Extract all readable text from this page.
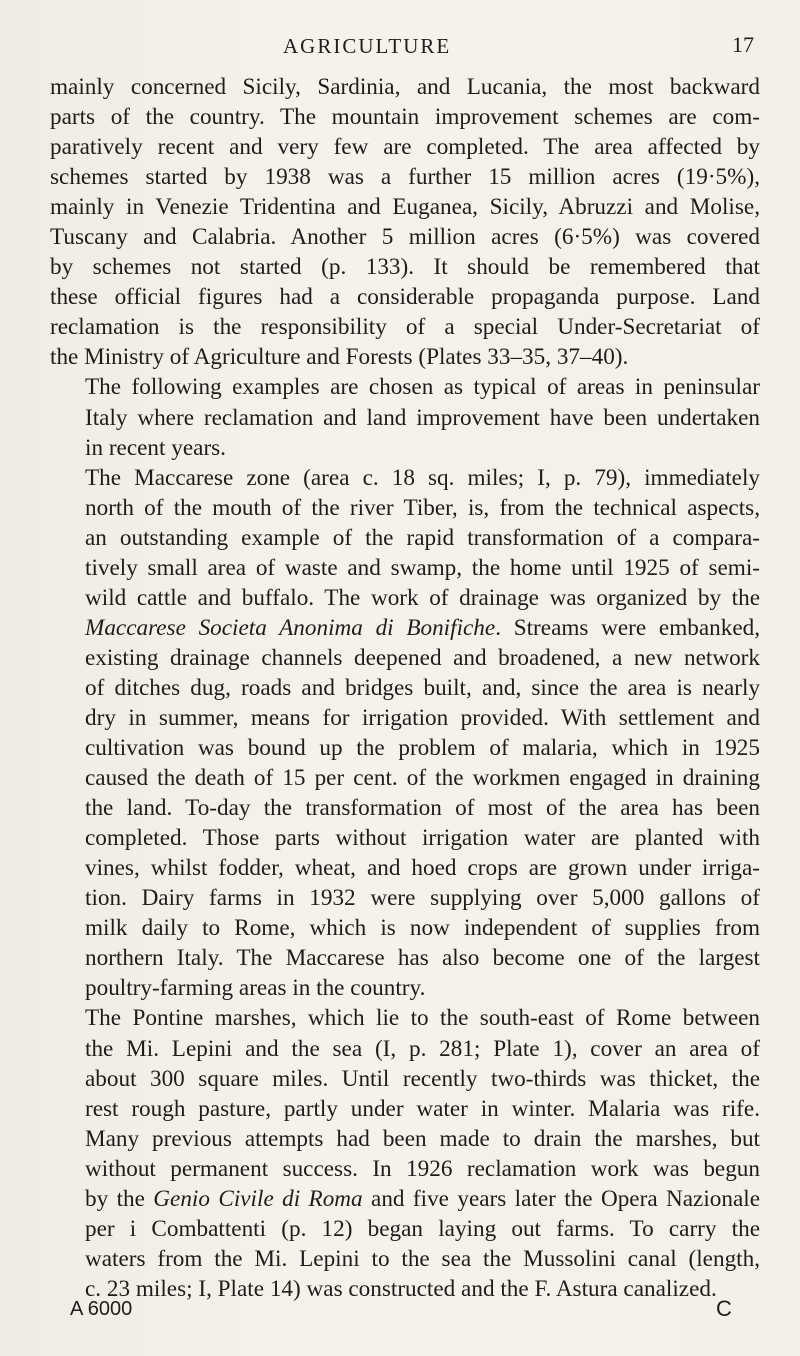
AGRICULTURE	17

mainly concerned Sicily, Sardinia, and Lucania, the most backward
parts of the country. The mountain improvement schemes are com-
paratively recent and very few are completed. The area affected by
schemes started by 1938 was a further 15 million acres (19·5%),
mainly in Venezie Tridentina and Euganea, Sicily, Abruzzi and Molise,
Tuscany and Calabria. Another 5 million acres (6·5%) was covered
by schemes not started (p. 133). It should be remembered that
these official figures had a considerable propaganda purpose. Land
reclamation is the responsibility of a special Under-Secretariat of
the Ministry of Agriculture and Forests (Plates 33–35, 37–40).

The following examples are chosen as typical of areas in peninsular
Italy where reclamation and land improvement have been undertaken
in recent years.

The Maccarese zone (area c. 18 sq. miles; I, p. 79), immediately
north of the mouth of the river Tiber, is, from the technical aspects,
an outstanding example of the rapid transformation of a compara-
tively small area of waste and swamp, the home until 1925 of semi-
wild cattle and buffalo. The work of drainage was organized by the
Maccarese Societa Anonima di Bonifiche. Streams were embanked,
existing drainage channels deepened and broadened, a new network
of ditches dug, roads and bridges built, and, since the area is nearly
dry in summer, means for irrigation provided. With settlement and
cultivation was bound up the problem of malaria, which in 1925
caused the death of 15 per cent. of the workmen engaged in draining
the land. To-day the transformation of most of the area has been
completed. Those parts without irrigation water are planted with
vines, whilst fodder, wheat, and hoed crops are grown under irriga-
tion. Dairy farms in 1932 were supplying over 5,000 gallons of
milk daily to Rome, which is now independent of supplies from
northern Italy. The Maccarese has also become one of the largest
poultry-farming areas in the country.

The Pontine marshes, which lie to the south-east of Rome between
the Mi. Lepini and the sea (I, p. 281; Plate 1), cover an area of
about 300 square miles. Until recently two-thirds was thicket, the
rest rough pasture, partly under water in winter. Malaria was rife.
Many previous attempts had been made to drain the marshes, but
without permanent success. In 1926 reclamation work was begun
by the Genio Civile di Roma and five years later the Opera Nazionale
per i Combattenti (p. 12) began laying out farms. To carry the
waters from the Mi. Lepini to the sea the Mussolini canal (length,
c. 23 miles; I, Plate 14) was constructed and the F. Astura canalized.

A 6000	C
